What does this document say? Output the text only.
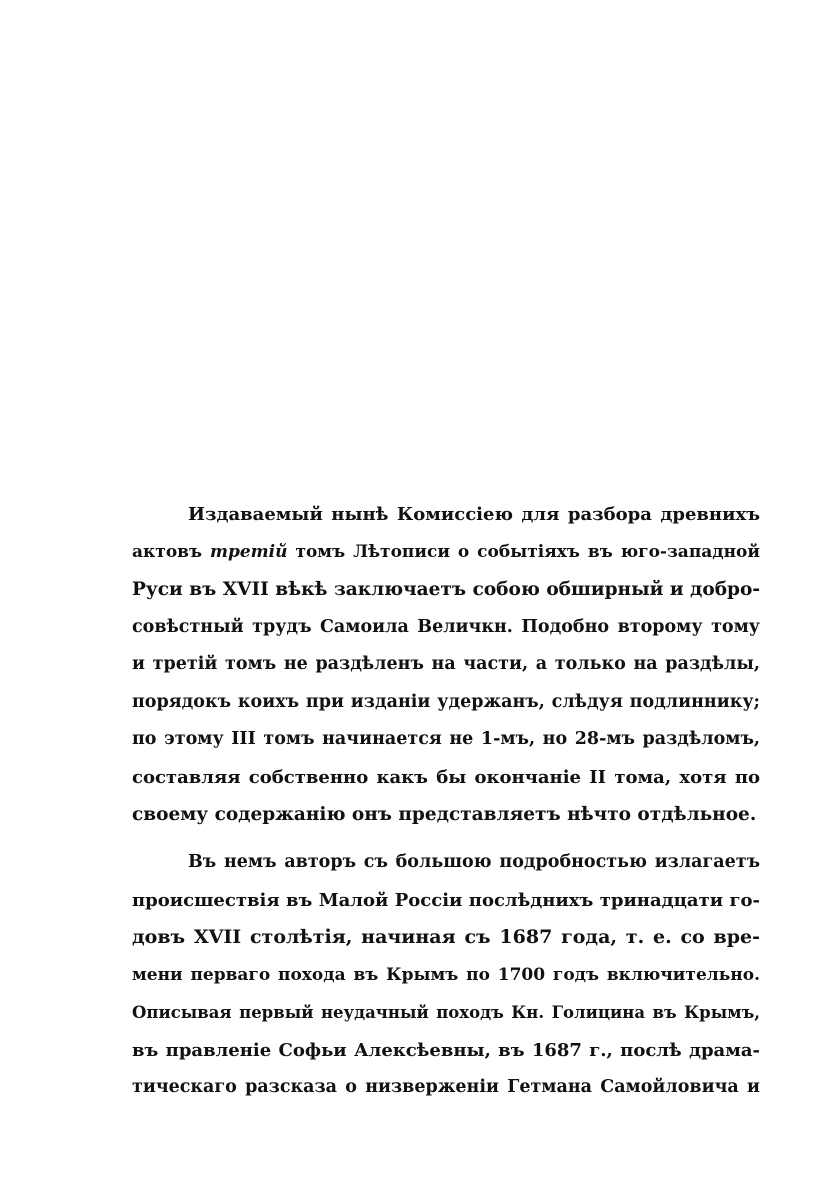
Издаваемый нынѣ Комиссіею для разбора древнихъ
актовъ третій томъ Лѣтописи о событіяхъ въ юго-западной
Руси въ XVII вѣкѣ заключаетъ собою обширный и добро-
совѣстный трудъ Самоила Величкн. Подобно второму тому
и третій томъ не раздѣленъ на части, а только на раздѣлы,
порядокъ коихъ при изданіи удержанъ, слѣдуя подлиннику;
по этому III томъ начинается не 1-мъ, но 28-мъ раздѣломъ,
составляя собственно какъ бы окончаніе II тома, хотя по
своему содержанію онъ представляетъ нѣчто отдѣльное.
Въ немъ авторъ съ большою подробностью излагаетъ
происшествія въ Малой Россіи послѣднихъ тринадцати го-
довъ XVII столѣтія, начиная съ 1687 года, т. е. со вре-
мени перваго похода въ Крымъ по 1700 годъ включительно.
Описывая первый неудачный походъ Кн. Голицина въ Крымъ,
въ правленіе Софьи Алексѣевны, въ 1687 г., послѣ драма-
тическаго разсказа о низверженіи Гетмана Самойловича и
